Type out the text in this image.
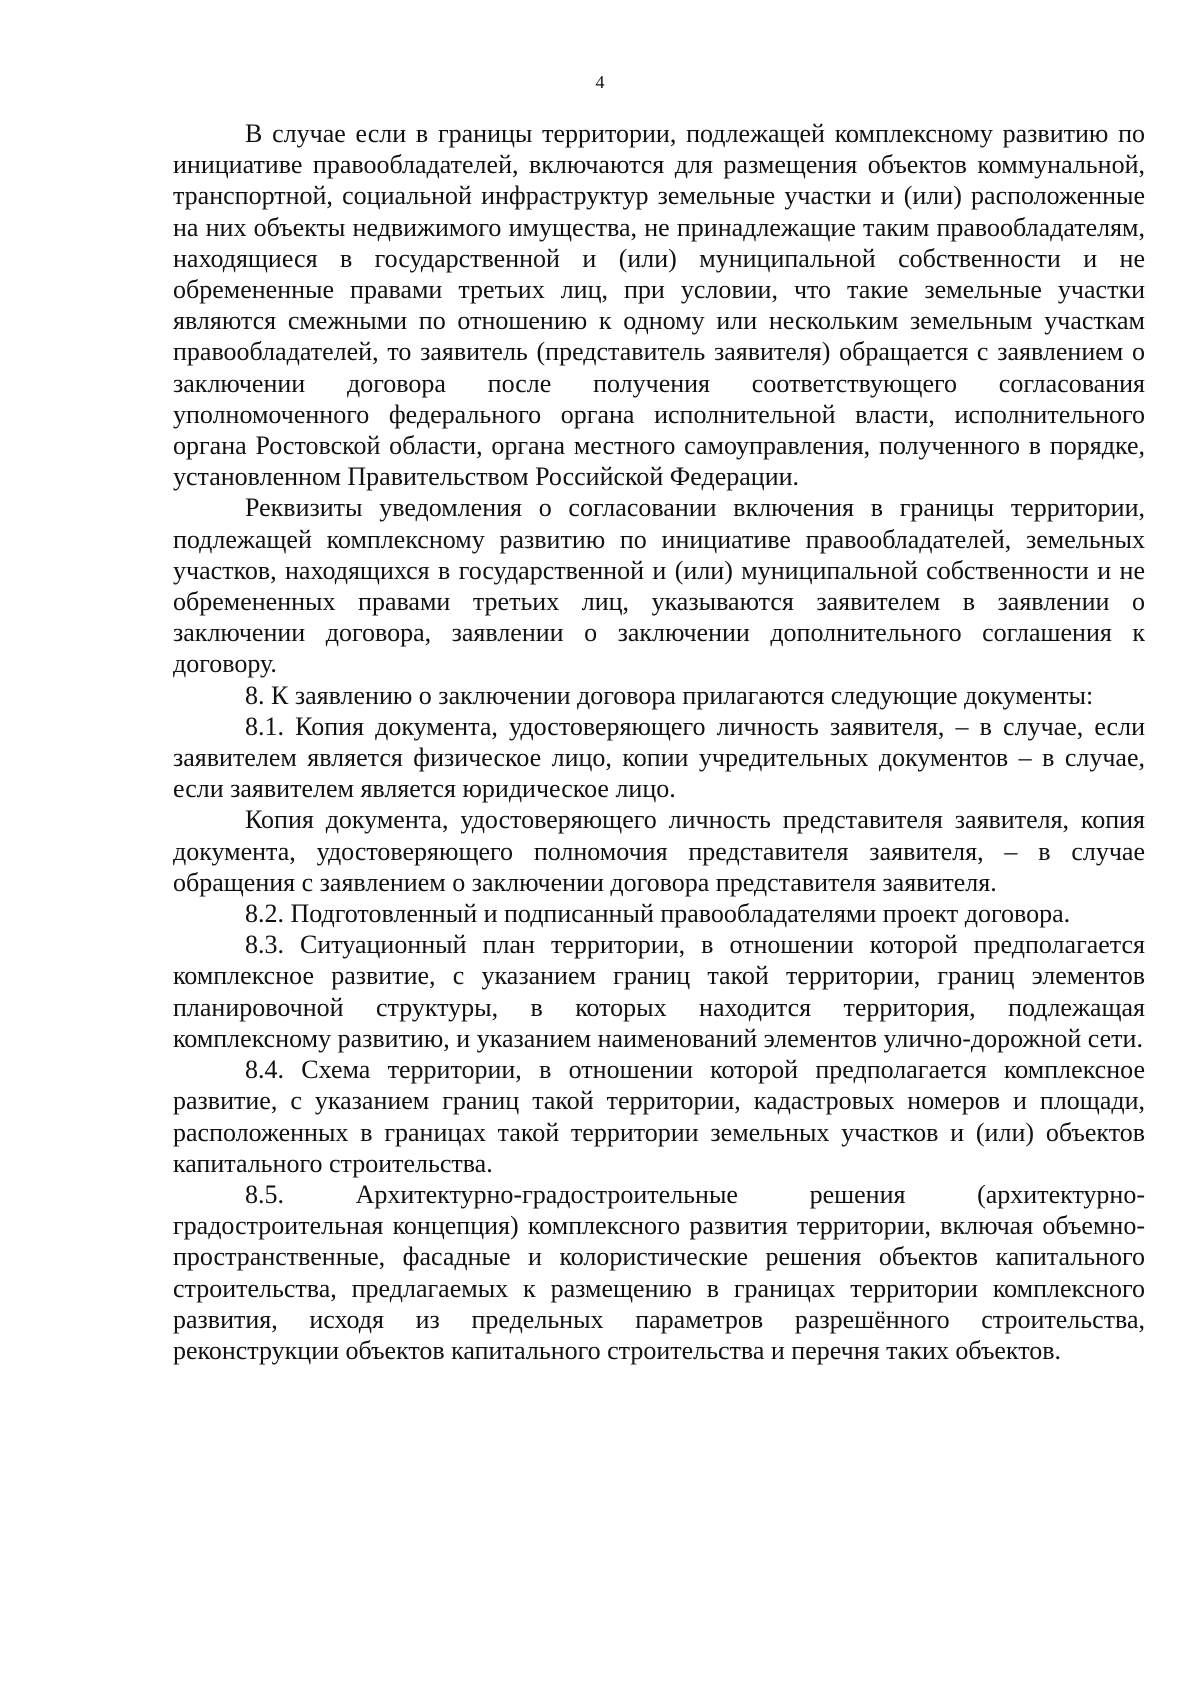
4

В случае если в границы территории, подлежащей комплексному развитию по инициативе правообладателей, включаются для размещения объектов коммунальной, транспортной, социальной инфраструктур земельные участки и (или) расположенные на них объекты недвижимого имущества, не принадлежащие таким правообладателям, находящиеся в государственной и (или) муниципальной собственности и не обремененные правами третьих лиц, при условии, что такие земельные участки являются смежными по отношению к одному или нескольким земельным участкам правообладателей, то заявитель (представитель заявителя) обращается с заявлением о заключении договора после получения соответствующего согласования уполномоченного федерального органа исполнительной власти, исполнительного органа Ростовской области, органа местного самоуправления, полученного в порядке, установленном Правительством Российской Федерации.

Реквизиты уведомления о согласовании включения в границы территории, подлежащей комплексному развитию по инициативе правообладателей, земельных участков, находящихся в государственной и (или) муниципальной собственности и не обремененных правами третьих лиц, указываются заявителем в заявлении о заключении договора, заявлении о заключении дополнительного соглашения к договору.

8. К заявлению о заключении договора прилагаются следующие документы:

8.1. Копия документа, удостоверяющего личность заявителя, – в случае, если заявителем является физическое лицо, копии учредительных документов – в случае, если заявителем является юридическое лицо.

Копия документа, удостоверяющего личность представителя заявителя, копия документа, удостоверяющего полномочия представителя заявителя, – в случае обращения с заявлением о заключении договора представителя заявителя.

8.2. Подготовленный и подписанный правообладателями проект договора.

8.3. Ситуационный план территории, в отношении которой предполагается комплексное развитие, с указанием границ такой территории, границ элементов планировочной структуры, в которых находится территория, подлежащая комплексному развитию, и указанием наименований элементов улично-дорожной сети.

8.4. Схема территории, в отношении которой предполагается комплексное развитие, с указанием границ такой территории, кадастровых номеров и площади, расположенных в границах такой территории земельных участков и (или) объектов капитального строительства.

8.5. Архитектурно-градостроительные решения (архитектурно-градостроительная концепция) комплексного развития территории, включая объемно-пространственные, фасадные и колористические решения объектов капитального строительства, предлагаемых к размещению в границах территории комплексного развития, исходя из предельных параметров разрешённого строительства, реконструкции объектов капитального строительства и перечня таких объектов.
